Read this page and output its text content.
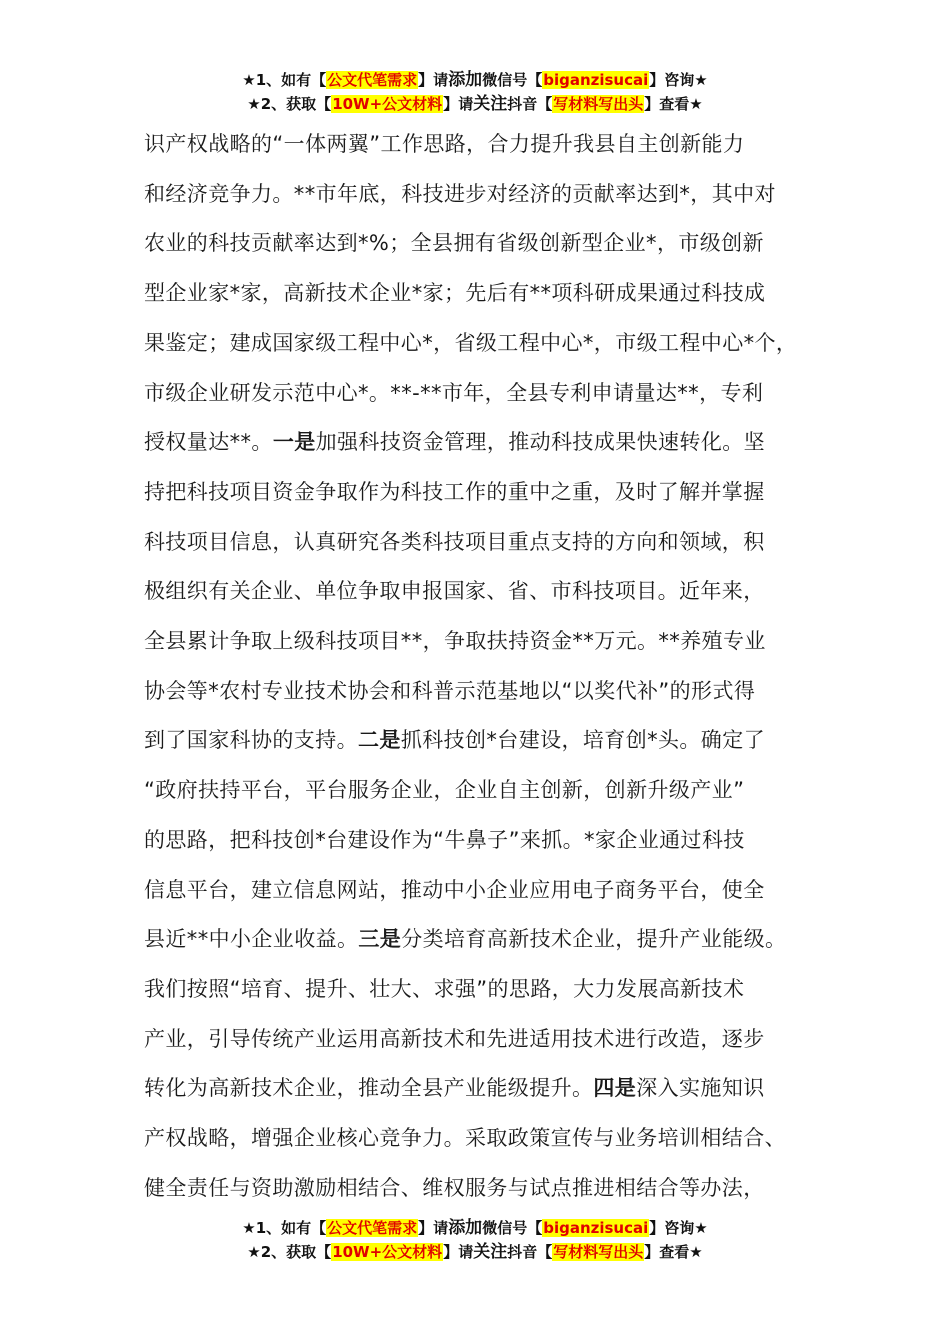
★1、如有【公文代笔需求】请添加微信号【biganzisucai】咨询★
★2、获取【10W+公文材料】请关注抖音【写材料写出头】查看★

识产权战略的“一体两翼”工作思路，合力提升我县自主创新能力

和经济竞争力。**市年底，科技进步对经济的贡献率达到*，其中对

农业的科技贡献率达到*%；全县拥有省级创新型企业*，市级创新

型企业家*家，高新技术企业*家；先后有**项科研成果通过科技成

果鉴定；建成国家级工程中心*，省级工程中心*，市级工程中心*个，

市级企业研发示范中心*。**-**市年，全县专利申请量达**，专利

授权量达**。一是加强科技资金管理，推动科技成果快速转化。坚

持把科技项目资金争取作为科技工作的重中之重，及时了解并掌握

科技项目信息，认真研究各类科技项目重点支持的方向和领域，积

极组织有关企业、单位争取申报国家、省、市科技项目。近年来，

全县累计争取上级科技项目**，争取扶持资金**万元。**养殖专业

协会等*农村专业技术协会和科普示范基地以“以奖代补”的形式得

到了国家科协的支持。二是抓科技创*台建设，培育创*头。确定了

“政府扶持平台，平台服务企业，企业自主创新，创新升级产业”

的思路，把科技创*台建设作为“牛鼻子”来抓。*家企业通过科技

信息平台，建立信息网站，推动中小企业应用电子商务平台，使全

县近**中小企业收益。三是分类培育高新技术企业，提升产业能级。

我们按照“培育、提升、壮大、求强”的思路，大力发展高新技术

产业，引导传统产业运用高新技术和先进适用技术进行改造，逐步

转化为高新技术企业，推动全县产业能级提升。四是深入实施知识

产权战略，增强企业核心竞争力。采取政策宣传与业务培训相结合、

健全责任与资助激励相结合、维权服务与试点推进相结合等办法，

★1、如有【公文代笔需求】请添加微信号【biganzisucai】咨询★
★2、获取【10W+公文材料】请关注抖音【写材料写出头】查看★
